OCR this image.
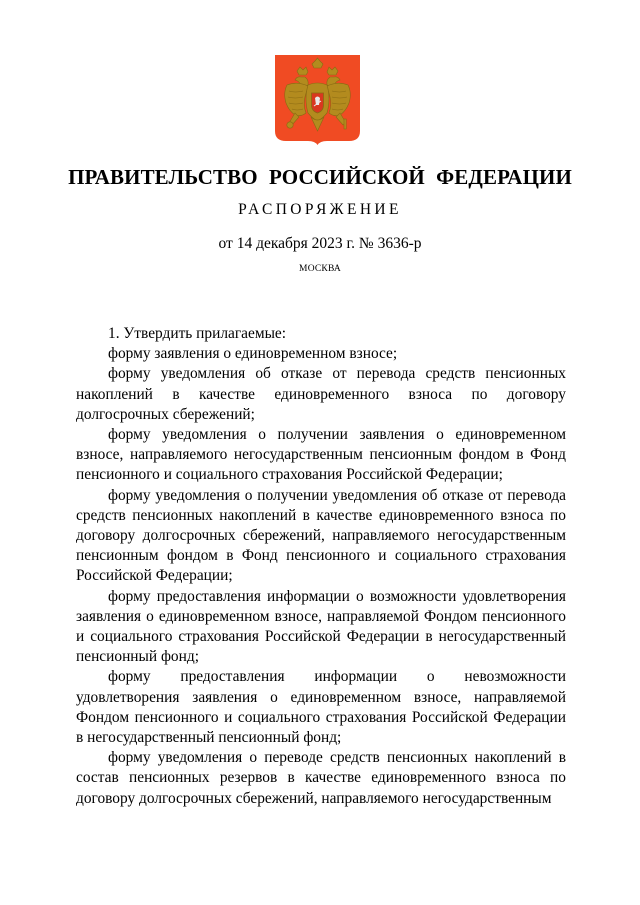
ПРАВИТЕЛЬСТВО РОССИЙСКОЙ ФЕДЕРАЦИИ
РАСПОРЯЖЕНИЕ
от 14 декабря 2023 г. № 3636-р
МОСКВА

1. Утвердить прилагаемые:

форму заявления о единовременном взносе;

форму уведомления об отказе от перевода средств пенсионных накоплений в качестве единовременного взноса по договору долгосрочных сбережений;

форму уведомления о получении заявления о единовременном взносе, направляемого негосударственным пенсионным фондом в Фонд пенсионного и социального страхования Российской Федерации;

форму уведомления о получении уведомления об отказе от перевода средств пенсионных накоплений в качестве единовременного взноса по договору долгосрочных сбережений, направляемого негосударственным пенсионным фондом в Фонд пенсионного и социального страхования Российской Федерации;

форму предоставления информации о возможности удовлетворения заявления о единовременном взносе, направляемой Фондом пенсионного и социального страхования Российской Федерации в негосударственный пенсионный фонд;

форму предоставления информации о невозможности удовлетворения заявления о единовременном взносе, направляемой Фондом пенсионного и социального страхования Российской Федерации в негосударственный пенсионный фонд;

форму уведомления о переводе средств пенсионных накоплений в состав пенсионных резервов в качестве единовременного взноса по договору долгосрочных сбережений, направляемого негосударственным
